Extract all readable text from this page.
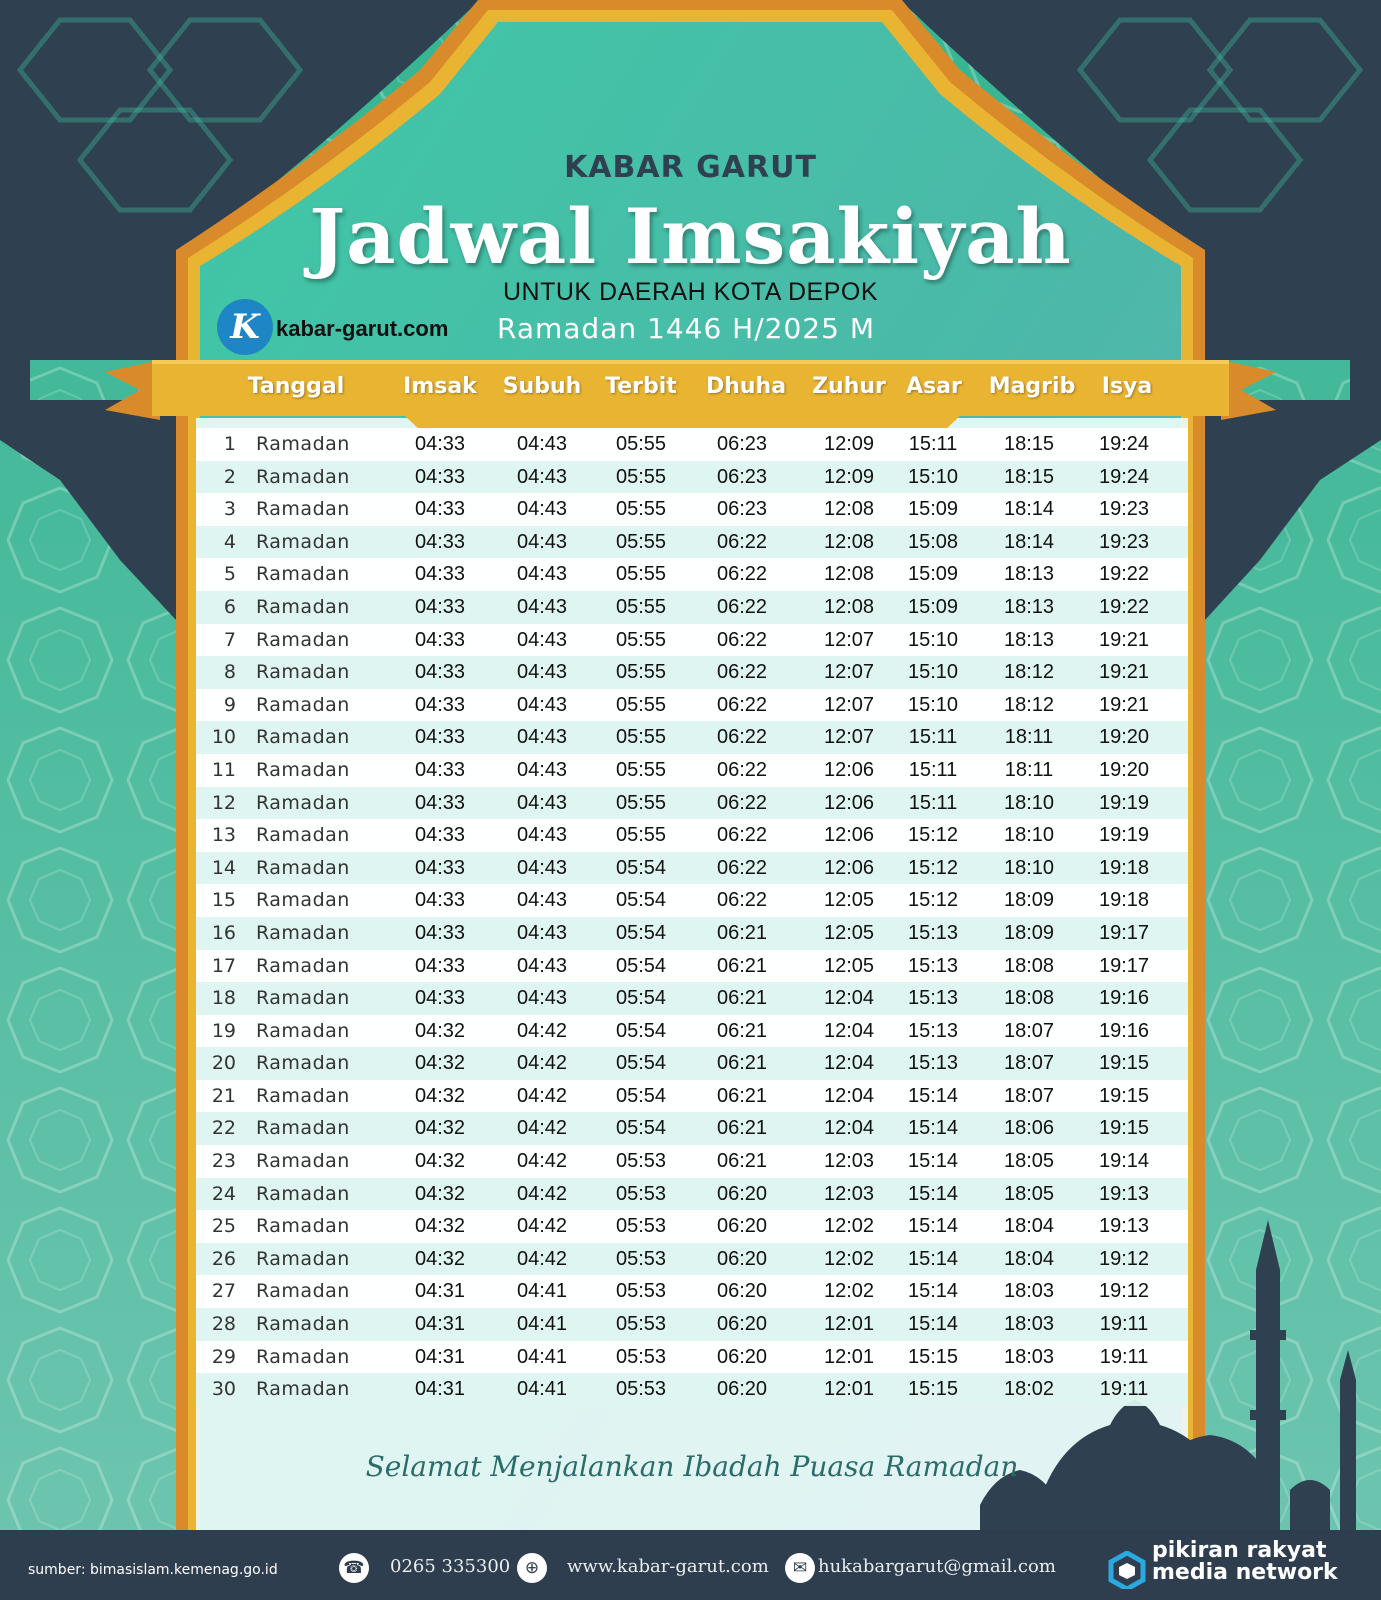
KABAR GARUT
Jadwal Imsakiyah
UNTUK DAERAH KOTA DEPOK
K kabar-garut.com Ramadan 1446 H/2025 M
Tanggal	Imsak Subuh Terbit Dhuha Zuhur Asar Magrib Isya
1 Ramadan	04:33	04:43 05:55	06:23	12:09 15:11 18:15 19:24
2 Ramadan	04:33	04:43 05:55	06:23	12:09 15:10 18:15 19:24
3 Ramadan	04:33	04:43 05:55	06:23	12:08 15:09 18:14 19:23
4 Ramadan	04:33	04:43 05:55	06:22	12:08 15:08 18:14 19:23
5 Ramadan	04:33	04:43 05:55	06:22	12:08 15:09 18:13 19:22
6 Ramadan	04:33	04:43 05:55	06:22	12:08 15:09 18:13 19:22
7 Ramadan	04:33	04:43 05:55	06:22	12:07 15:10 18:13 19:21
8 Ramadan	04:33	04:43 05:55	06:22	12:07 15:10 18:12 19:21
9 Ramadan	04:33	04:43 05:55	06:22	12:07 15:10 18:12 19:21
10 Ramadan	04:33	04:43 05:55	06:22	12:07 15:11 18:11 19:20
11 Ramadan	04:33	04:43 05:55	06:22	12:06 15:11 18:11 19:20
12 Ramadan	04:33	04:43 05:55	06:22	12:06 15:11 18:10 19:19
13 Ramadan	04:33	04:43 05:55	06:22	12:06 15:12 18:10 19:19
14 Ramadan	04:33	04:43 05:54	06:22	12:06 15:12 18:10 19:18
15 Ramadan	04:33	04:43 05:54	06:22	12:05 15:12 18:09 19:18
16 Ramadan	04:33	04:43 05:54	06:21	12:05 15:13 18:09 19:17
17 Ramadan	04:33	04:43 05:54	06:21	12:05 15:13 18:08 19:17
18 Ramadan	04:33	04:43 05:54	06:21	12:04 15:13 18:08 19:16
19 Ramadan	04:32	04:42 05:54	06:21	12:04 15:13 18:07 19:16
20 Ramadan	04:32	04:42 05:54	06:21	12:04 15:13 18:07 19:15
21 Ramadan	04:32	04:42 05:54	06:21	12:04 15:14 18:07 19:15
22 Ramadan	04:32	04:42 05:54	06:21	12:04 15:14 18:06 19:15
23 Ramadan	04:32	04:42 05:53	06:21	12:03 15:14 18:05 19:14
24 Ramadan	04:32	04:42 05:53	06:20	12:03 15:14 18:05 19:13
25 Ramadan	04:32	04:42 05:53	06:20	12:02 15:14 18:04 19:13
26 Ramadan	04:32	04:42 05:53	06:20	12:02 15:14 18:04 19:12
27 Ramadan	04:31	04:41 05:53	06:20	12:02 15:14 18:03 19:12
28 Ramadan	04:31	04:41 05:53	06:20	12:01 15:14 18:03 19:11
29 Ramadan	04:31	04:41 05:53	06:20	12:01 15:15 18:03 19:11
30 Ramadan	04:31	04:41 05:53	06:20	12:01 15:15 18:02 19:11
Selamat Menjalankan Ibadah Puasa Ramadan
sumber: bimasislam.kemenag.go.id	☎ 0265 335300 ⊕	www.kabar-garut.com	✉ hukabargarut@gmail.com
pikiran rakyat
media network
